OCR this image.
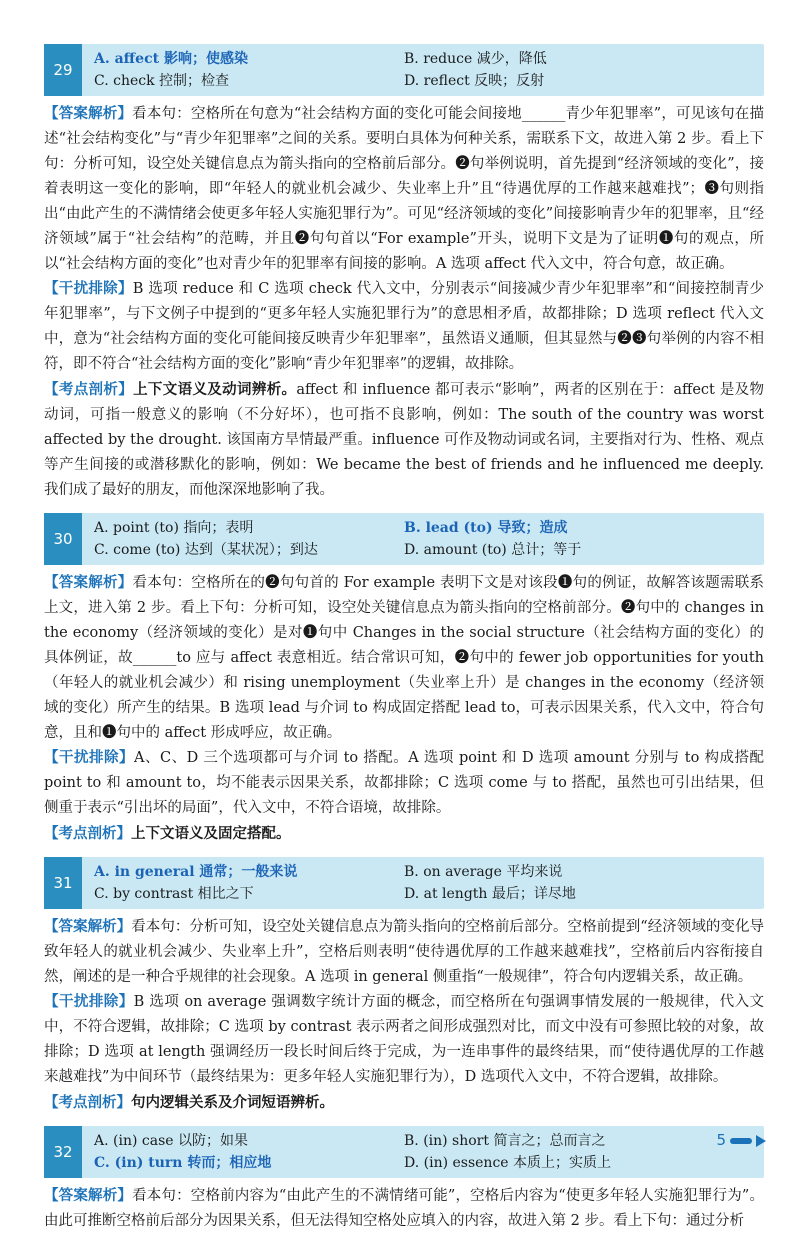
29
A. affect 影响；使感染	B. reduce 减少，降低
C. check 控制；检查	D. reflect 反映；反射

【答案解析】看本句：空格所在句意为“社会结构方面的变化可能会间接地______青少年犯罪率”，可见该句在描述“社会结构变化”与“青少年犯罪率”之间的关系。要明白具体为何种关系，需联系下文，故进入第 2 步。看上下句：分析可知，设空处关键信息点为箭头指向的空格前后部分。❷句举例说明，首先提到“经济领域的变化”，接着表明这一变化的影响，即“年轻人的就业机会减少、失业率上升”且“待遇优厚的工作越来越难找”；❸句则指出“由此产生的不满情绪会使更多年轻人实施犯罪行为”。可见“经济领域的变化”间接影响青少年的犯罪率，且“经济领域”属于“社会结构”的范畴，并且❷句句首以“For example”开头，说明下文是为了证明❶句的观点，所以“社会结构方面的变化”也对青少年的犯罪率有间接的影响。A 选项 affect 代入文中，符合句意，故正确。

【干扰排除】B 选项 reduce 和 C 选项 check 代入文中，分别表示“间接减少青少年犯罪率”和“间接控制青少年犯罪率”，与下文例子中提到的“更多年轻人实施犯罪行为”的意思相矛盾，故都排除；D 选项 reflect 代入文中，意为“社会结构方面的变化可能间接反映青少年犯罪率”，虽然语义通顺，但其显然与❷❸句举例的内容不相符，即不符合“社会结构方面的变化”影响“青少年犯罪率”的逻辑，故排除。

【考点剖析】上下文语义及动词辨析。affect 和 influence 都可表示“影响”，两者的区别在于：affect 是及物动词，可指一般意义的影响（不分好坏），也可指不良影响，例如：The south of the country was worst affected by the drought. 该国南方旱情最严重。influence 可作及物动词或名词，主要指对行为、性格、观点等产生间接的或潜移默化的影响，例如：We became the best of friends and he influenced me deeply. 我们成了最好的朋友，而他深深地影响了我。

30
A. point (to) 指向；表明	B. lead (to) 导致；造成
C. come (to) 达到（某状况）；到达	D. amount (to) 总计；等于

【答案解析】看本句：空格所在的❷句句首的 For example 表明下文是对该段❶句的例证，故解答该题需联系上文，进入第 2 步。看上下句：分析可知，设空处关键信息点为箭头指向的空格前部分。❷句中的 changes in the economy（经济领域的变化）是对❶句中 Changes in the social structure（社会结构方面的变化）的具体例证，故______to 应与 affect 表意相近。结合常识可知，❷句中的 fewer job opportunities for youth（年轻人的就业机会减少）和 rising unemployment（失业率上升）是 changes in the economy（经济领域的变化）所产生的结果。B 选项 lead 与介词 to 构成固定搭配 lead to，可表示因果关系，代入文中，符合句意，且和❶句中的 affect 形成呼应，故正确。

【干扰排除】A、C、D 三个选项都可与介词 to 搭配。A 选项 point 和 D 选项 amount 分别与 to 构成搭配 point to 和 amount to，均不能表示因果关系，故都排除；C 选项 come 与 to 搭配，虽然也可引出结果，但侧重于表示“引出坏的局面”，代入文中，不符合语境，故排除。

【考点剖析】上下文语义及固定搭配。

31
A. in general 通常；一般来说	B. on average 平均来说
C. by contrast 相比之下	D. at length 最后；详尽地

【答案解析】看本句：分析可知，设空处关键信息点为箭头指向的空格前后部分。空格前提到“经济领域的变化导致年轻人的就业机会减少、失业率上升”，空格后则表明“使待遇优厚的工作越来越难找”，空格前后内容衔接自然，阐述的是一种合乎规律的社会现象。A 选项 in general 侧重指“一般规律”，符合句内逻辑关系，故正确。

【干扰排除】B 选项 on average 强调数字统计方面的概念，而空格所在句强调事情发展的一般规律，代入文中，不符合逻辑，故排除；C 选项 by contrast 表示两者之间形成强烈对比，而文中没有可参照比较的对象，故排除；D 选项 at length 强调经历一段长时间后终于完成，为一连串事件的最终结果，而“使待遇优厚的工作越来越难找”为中间环节（最终结果为：更多年轻人实施犯罪行为），D 选项代入文中，不符合逻辑，故排除。

【考点剖析】句内逻辑关系及介词短语辨析。

32
A. (in) case 以防；如果	B. (in) short 简言之；总而言之
C. (in) turn 转而；相应地	D. (in) essence 本质上；实质上

【答案解析】看本句：空格前内容为“由此产生的不满情绪可能”，空格后内容为“使更多年轻人实施犯罪行为”。由此可推断空格前后部分为因果关系，但无法得知空格处应填入的内容，故进入第 2 步。看上下句：通过分析

5
